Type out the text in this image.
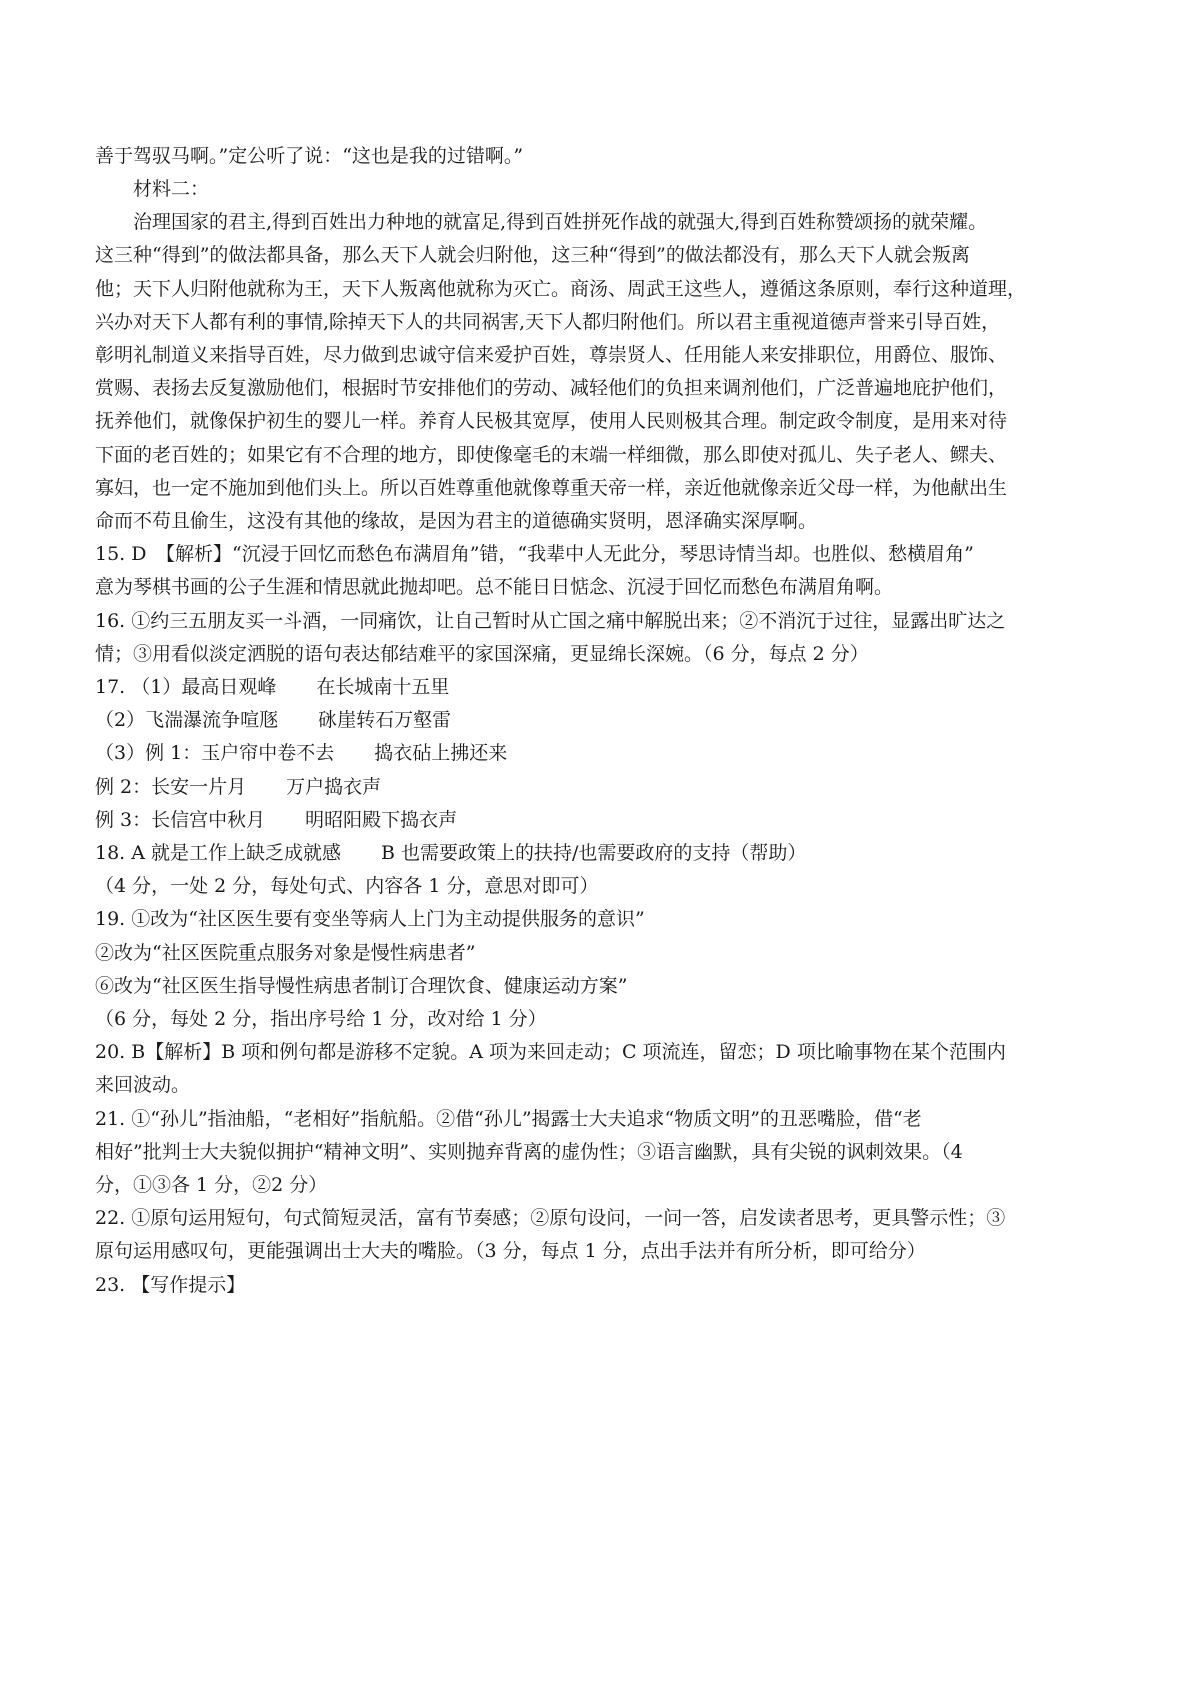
善于驾驭马啊。”定公听了说：“这也是我的过错啊。”
材料二：
治理国家的君主,得到百姓出力种地的就富足,得到百姓拼死作战的就强大,得到百姓称赞颂扬的就荣耀。
这三种“得到”的做法都具备，那么天下人就会归附他，这三种“得到”的做法都没有，那么天下人就会叛离
他；天下人归附他就称为王，天下人叛离他就称为灭亡。商汤、周武王这些人，遵循这条原则，奉行这种道理，
兴办对天下人都有利的事情,除掉天下人的共同祸害,天下人都归附他们。所以君主重视道德声誉来引导百姓，
彰明礼制道义来指导百姓，尽力做到忠诚守信来爱护百姓，尊崇贤人、任用能人来安排职位，用爵位、服饰、
赏赐、表扬去反复激励他们，根据时节安排他们的劳动、减轻他们的负担来调剂他们，广泛普遍地庇护他们，
抚养他们，就像保护初生的婴儿一样。养育人民极其宽厚，使用人民则极其合理。制定政令制度，是用来对待
下面的老百姓的；如果它有不合理的地方，即使像毫毛的末端一样细微，那么即使对孤儿、失子老人、鳏夫、
寡妇，也一定不施加到他们头上。所以百姓尊重他就像尊重天帝一样，亲近他就像亲近父母一样，为他献出生
命而不苟且偷生，这没有其他的缘故，是因为君主的道德确实贤明，恩泽确实深厚啊。
15. D　【解析】“沉浸于回忆而愁色布满眉角”错，“我辈中人无此分，琴思诗情当却。也胜似、愁横眉角”
意为琴棋书画的公子生涯和情思就此抛却吧。总不能日日惦念、沉浸于回忆而愁色布满眉角啊。
16. ①约三五朋友买一斗酒，一同痛饮，让自己暂时从亡国之痛中解脱出来；②不消沉于过往，显露出旷达之
情；③用看似淡定洒脱的语句表达郁结难平的家国深痛，更显绵长深婉。（6 分，每点 2 分）
17. （1）最高日观峰 在长城南十五里
（2）飞湍瀑流争喧豗 砯崖转石万壑雷
（3）例 1：玉户帘中卷不去 捣衣砧上拂还来
例 2：长安一片月 万户捣衣声
例 3：长信宫中秋月 明昭阳殿下捣衣声
18. A 就是工作上缺乏成就感 B 也需要政策上的扶持/也需要政府的支持（帮助）
（4 分，一处 2 分，每处句式、内容各 1 分，意思对即可）
19. ①改为“社区医生要有变坐等病人上门为主动提供服务的意识”
②改为“社区医院重点服务对象是慢性病患者”
⑥改为“社区医生指导慢性病患者制订合理饮食、健康运动方案”
（6 分，每处 2 分，指出序号给 1 分，改对给 1 分）
20. B【解析】B 项和例句都是游移不定貌。A 项为来回走动；C 项流连，留恋；D 项比喻事物在某个范围内
来回波动。
21. ①“孙儿”指油船，“老相好”指航船。②借“孙儿”揭露士大夫追求“物质文明”的丑恶嘴脸，借“老
相好”批判士大夫貌似拥护“精神文明”、实则抛弃背离的虚伪性；③语言幽默，具有尖锐的讽刺效果。（4
分，①③各 1 分，②2 分）
22. ①原句运用短句，句式简短灵活，富有节奏感；②原句设问，一问一答，启发读者思考，更具警示性；③
原句运用感叹句，更能强调出士大夫的嘴脸。（3 分，每点 1 分，点出手法并有所分析，即可给分）
23. 【写作提示】
